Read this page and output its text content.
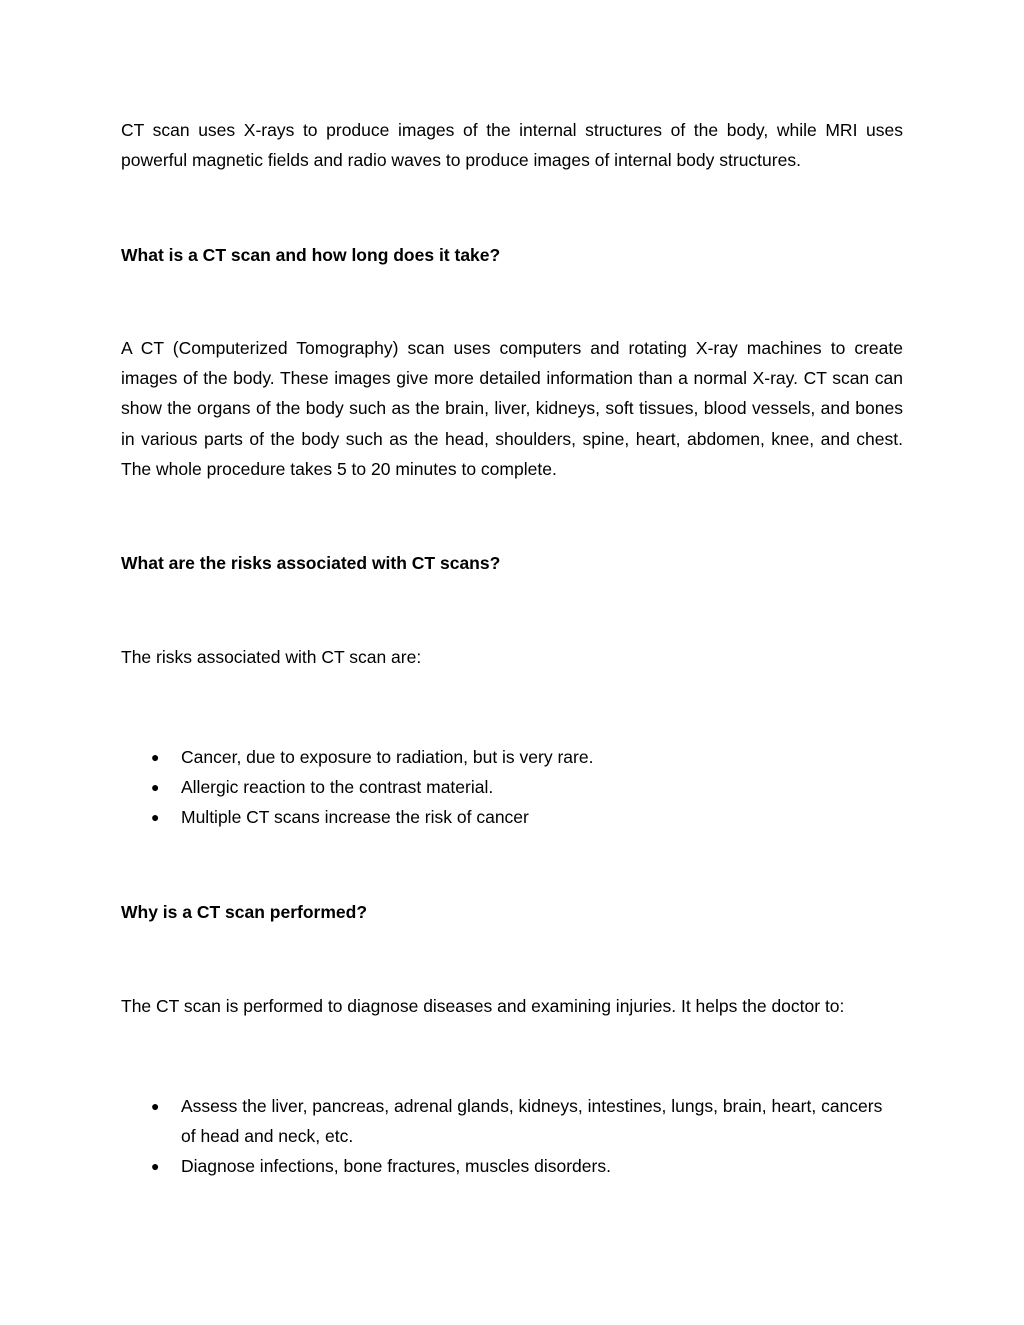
CT scan uses X-rays to produce images of the internal structures of the body, while MRI uses powerful magnetic fields and radio waves to produce images of internal body structures.

What is a CT scan and how long does it take?

A CT (Computerized Tomography) scan uses computers and rotating X-ray machines to create images of the body. These images give more detailed information than a normal X-ray. CT scan can show the organs of the body such as the brain, liver, kidneys, soft tissues, blood vessels, and bones in various parts of the body such as the head, shoulders, spine, heart, abdomen, knee, and chest. The whole procedure takes 5 to 20 minutes to complete.

What are the risks associated with CT scans?

The risks associated with CT scan are:

● Cancer, due to exposure to radiation, but is very rare.
● Allergic reaction to the contrast material.
● Multiple CT scans increase the risk of cancer

Why is a CT scan performed?

The CT scan is performed to diagnose diseases and examining injuries. It helps the doctor to:

● Assess the liver, pancreas, adrenal glands, kidneys, intestines, lungs, brain, heart, cancers of head and neck, etc.
● Diagnose infections, bone fractures, muscles disorders.
